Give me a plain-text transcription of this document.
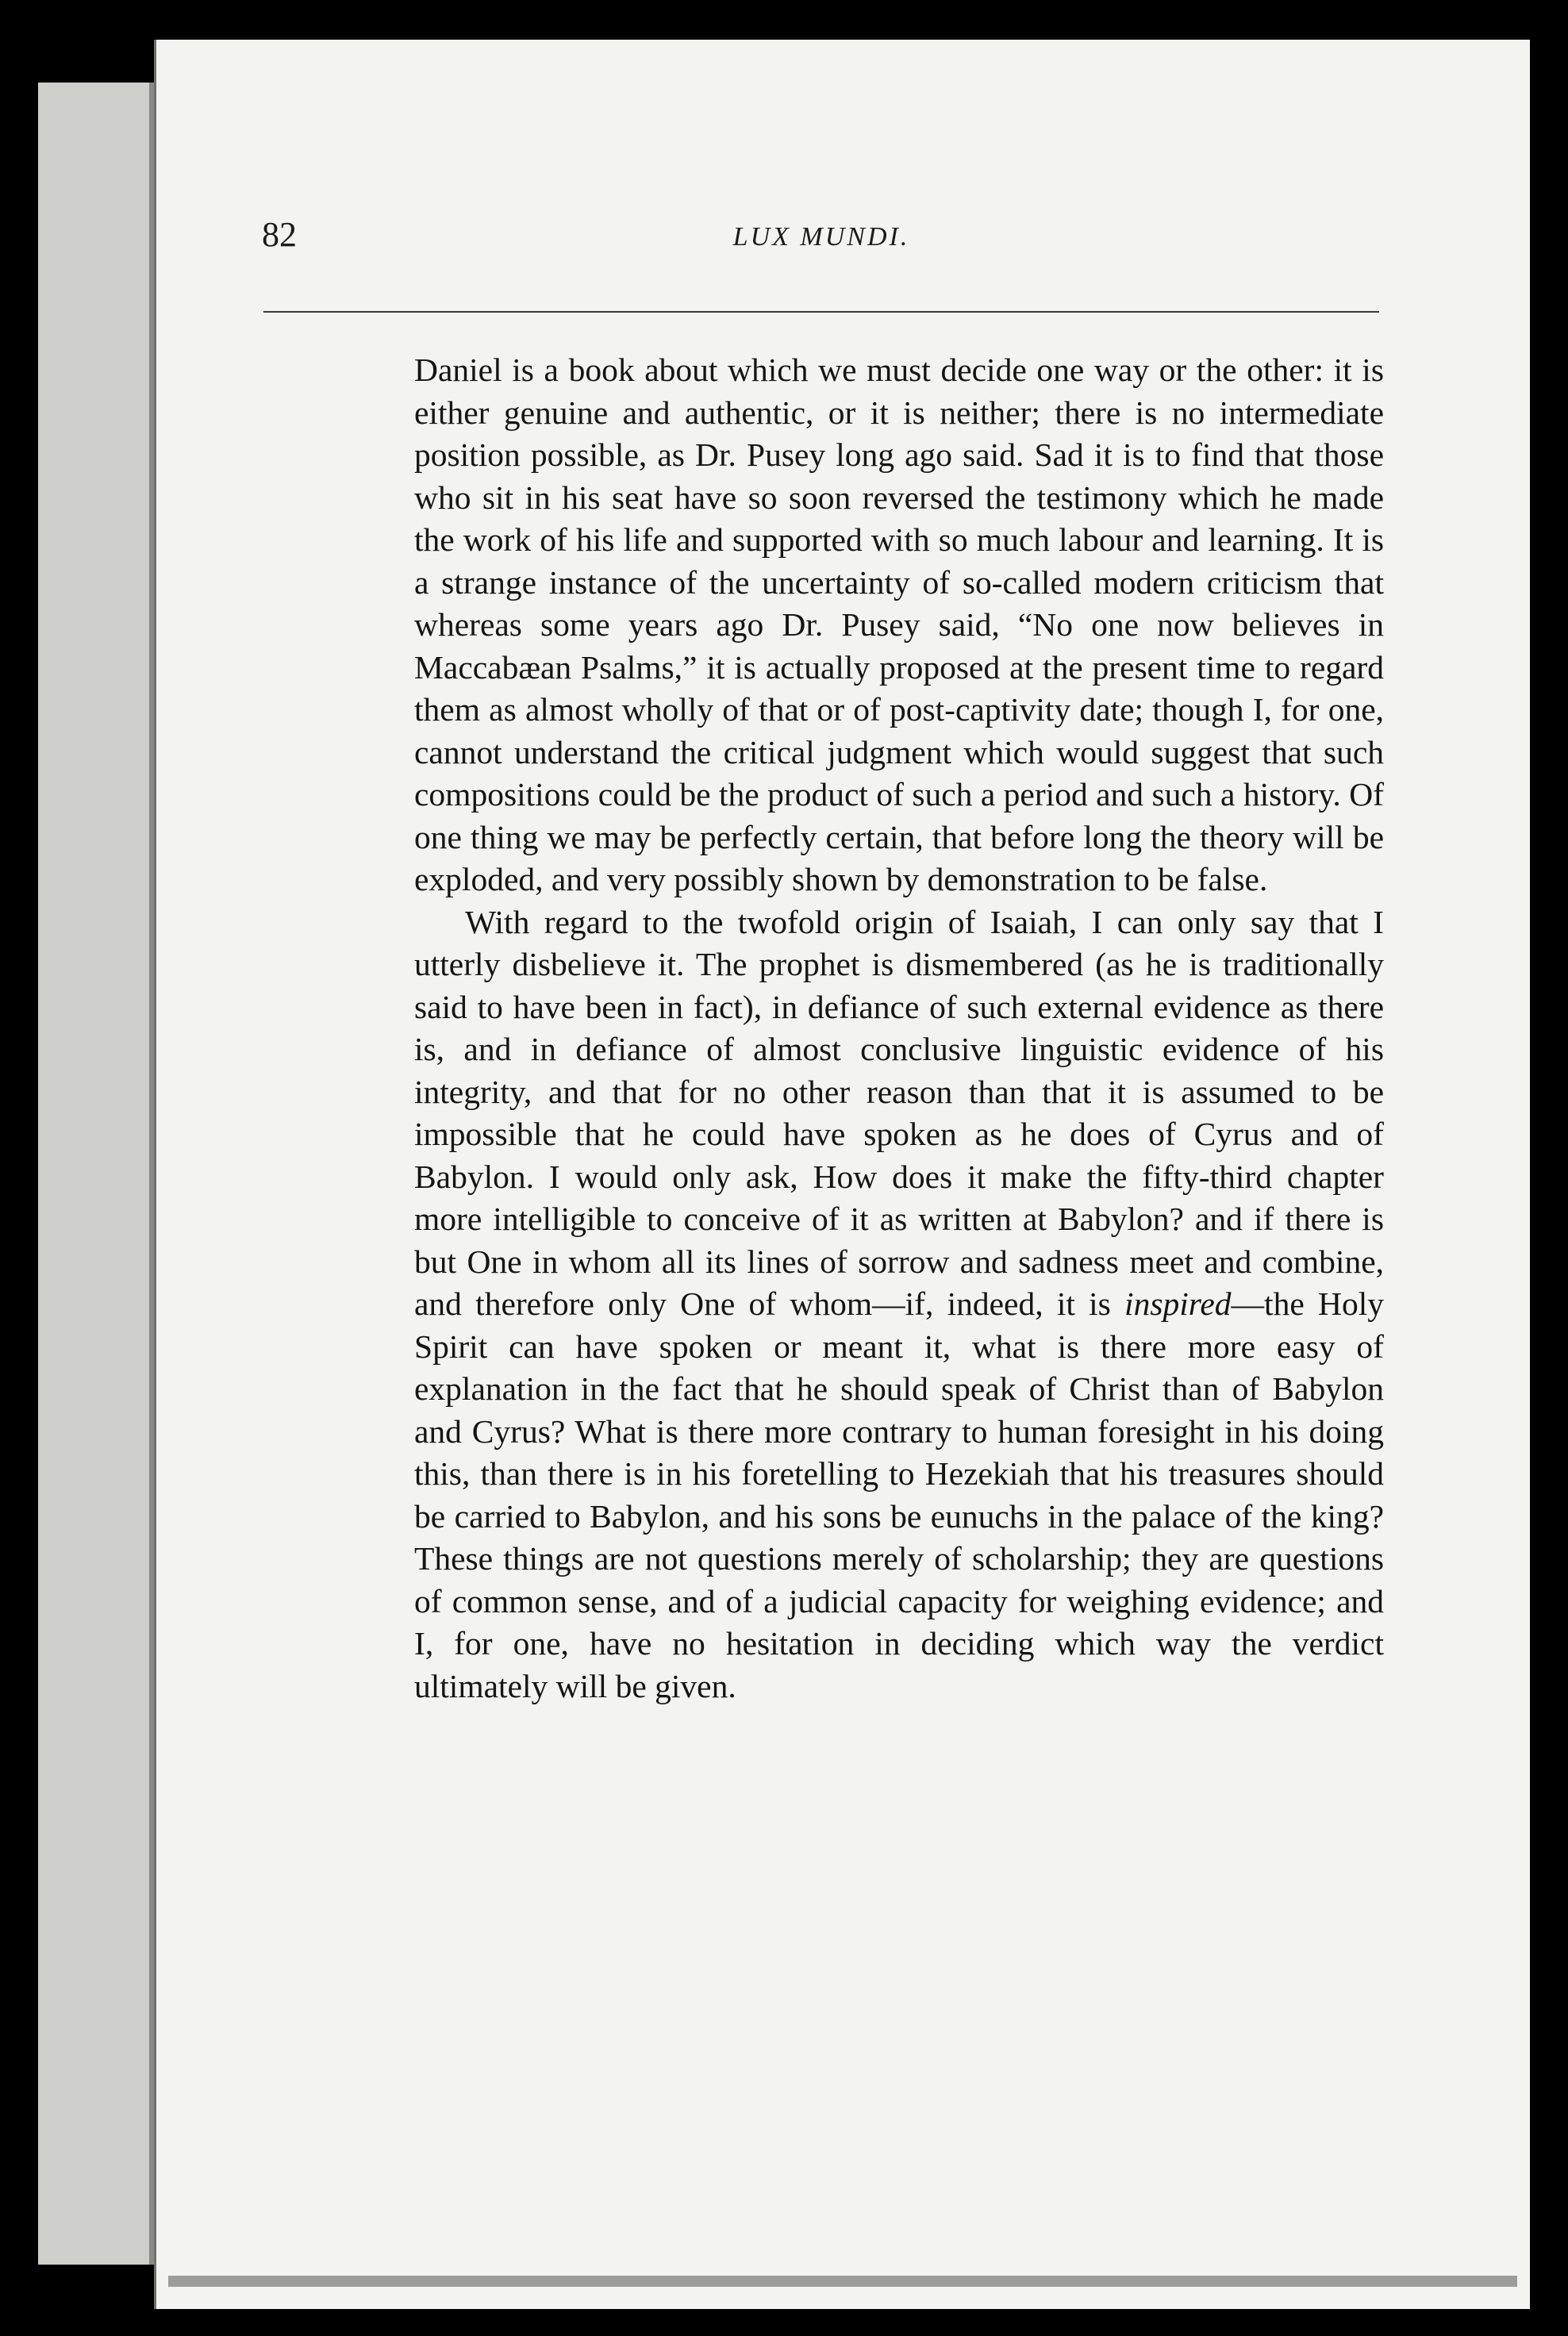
82	LUX MUNDI.

Daniel is a book about which we must decide one way or the other: it is either genuine and authentic, or it is neither; there is no intermediate position possible, as Dr. Pusey long ago said. Sad it is to find that those who sit in his seat have so soon reversed the testimony which he made the work of his life and supported with so much labour and learning. It is a strange instance of the uncertainty of so-called modern criticism that whereas some years ago Dr. Pusey said, “No one now believes in Maccabæan Psalms,” it is actually proposed at the present time to regard them as almost wholly of that or of post-captivity date; though I, for one, cannot understand the critical judgment which would suggest that such compositions could be the product of such a period and such a history. Of one thing we may be perfectly certain, that before long the theory will be exploded, and very possibly shown by demonstration to be false.

With regard to the twofold origin of Isaiah, I can only say that I utterly disbelieve it. The prophet is dismembered (as he is traditionally said to have been in fact), in defiance of such external evidence as there is, and in defiance of almost conclusive linguistic evidence of his integrity, and that for no other reason than that it is assumed to be impossible that he could have spoken as he does of Cyrus and of Babylon. I would only ask, How does it make the fifty-third chapter more intelligible to conceive of it as written at Babylon? and if there is but One in whom all its lines of sorrow and sadness meet and combine, and therefore only One of whom—if, indeed, it is inspired—the Holy Spirit can have spoken or meant it, what is there more easy of explanation in the fact that he should speak of Christ than of Babylon and Cyrus? What is there more contrary to human foresight in his doing this, than there is in his foretelling to Hezekiah that his treasures should be carried to Babylon, and his sons be eunuchs in the palace of the king? These things are not questions merely of scholarship; they are questions of common sense, and of a judicial capacity for weighing evidence; and I, for one, have no hesitation in deciding which way the verdict ultimately will be given.
